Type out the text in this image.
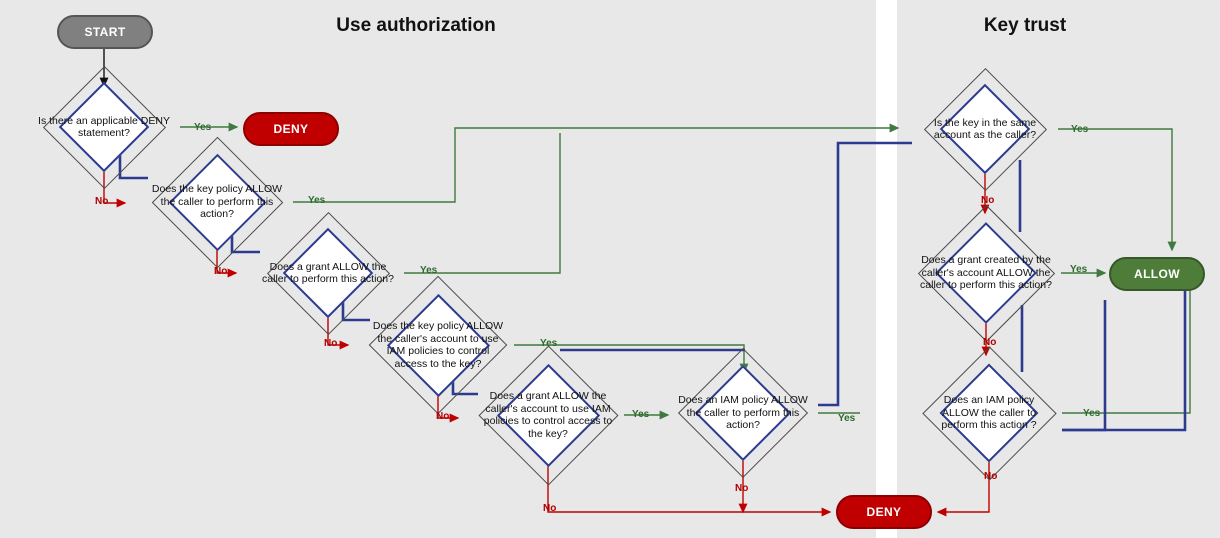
Is there an applicable DENY statement?
Does the key policy ALLOW the caller to perform this action?
Does a grant ALLOW the caller to perform this action?
Does the key policy ALLOW the caller's account to use IAM policies to control access to the key?
Does a grant ALLOW the caller's account to use IAM policies to control access to the key?
Does an IAM policy ALLOW the caller to perform this action?
Is the key in the same account as the caller?
Does a grant created by the caller's account ALLOW the caller to perform this action?
Does an IAM policy ALLOW the caller to perform this action ?
START
DENY
DENY
ALLOW
Yes
No	Yes
No	Yes
No	Yes
No	Yes
No
Yes
No
Yes
No
Yes
No
Yes
No
Use authorization	Key trust
